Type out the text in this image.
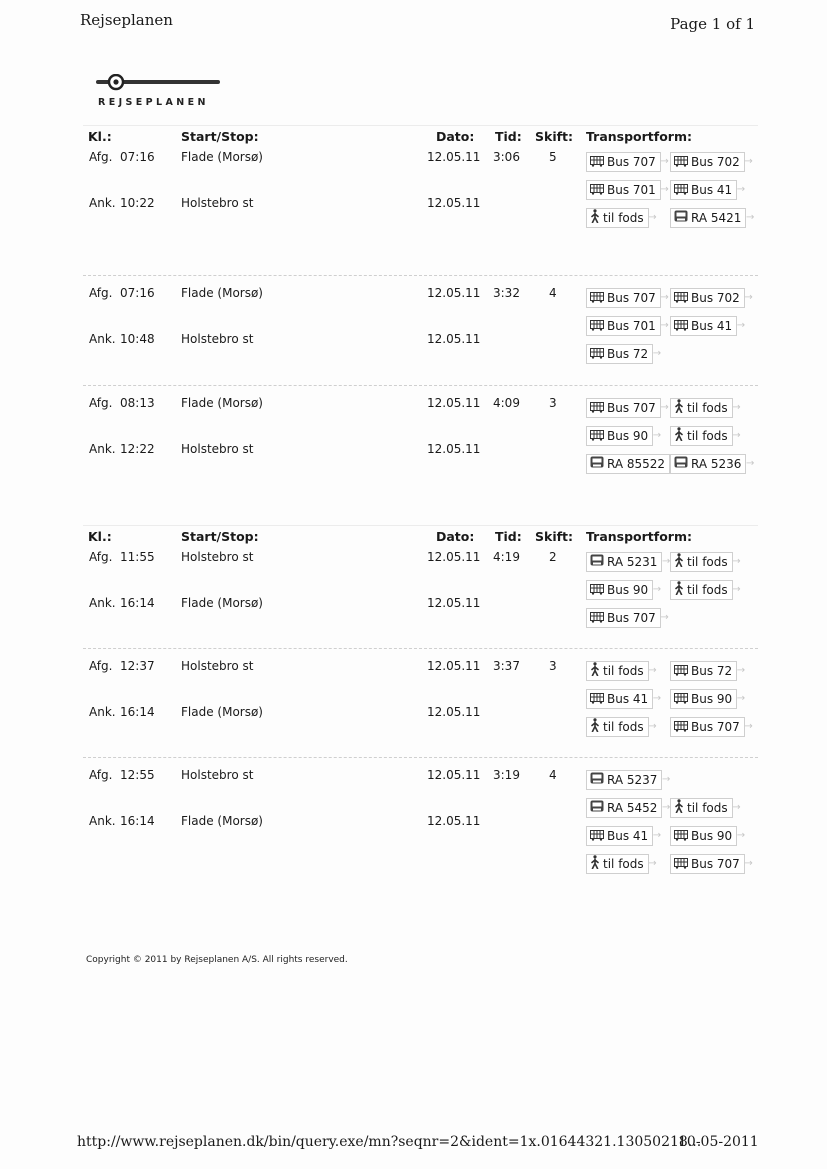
Rejseplanen	Page 1 of 1
REJSEPLANEN
Kl.:	Start/Stop:	Dato: Tid: Skift: Transportform:
Afg. 07:16 Flade (Morsø)	12.05.11 3:06 5
Ank. 10:22 Holstebro st	12.05.11
Bus 707 →	Bus 702 →
Bus 701 →	Bus 41 →
til fods →	RA 5421 →
Afg. 07:16 Flade (Morsø)	12.05.11 3:32 4
Ank. 10:48 Holstebro st	12.05.11
Bus 707 →	Bus 702 →
Bus 701 →	Bus 41 →
Bus 72 →
Afg. 08:13 Flade (Morsø)	12.05.11 4:09 3
Ank. 12:22 Holstebro st	12.05.11
Bus 707 →	til fods →
Bus 90 →	til fods →
RA 85522	RA 5236 →
Kl.:	Start/Stop:	Dato: Tid: Skift: Transportform:
Afg. 11:55 Holstebro st	12.05.11 4:19 2
Ank. 16:14 Flade (Morsø)	12.05.11
RA 5231 →	til fods →
Bus 90 →	til fods →
Bus 707 →
Afg. 12:37 Holstebro st	12.05.11 3:37 3
Ank. 16:14 Flade (Morsø)	12.05.11
til fods →	Bus 72 →
Bus 41 →	Bus 90 →
til fods →	Bus 707 →
Afg. 12:55 Holstebro st	12.05.11 3:19 4
Ank. 16:14 Flade (Morsø)	12.05.11
RA 5237 →
RA 5452 →	til fods →
Bus 41 →	Bus 90 →
til fods →	Bus 707 →
Copyright © 2011 by Rejseplanen A/S. All rights reserved.
http://www.rejseplanen.dk/bin/query.exe/mn?seqnr=2&ident=1x.01644321.13050218...
10-05-2011
